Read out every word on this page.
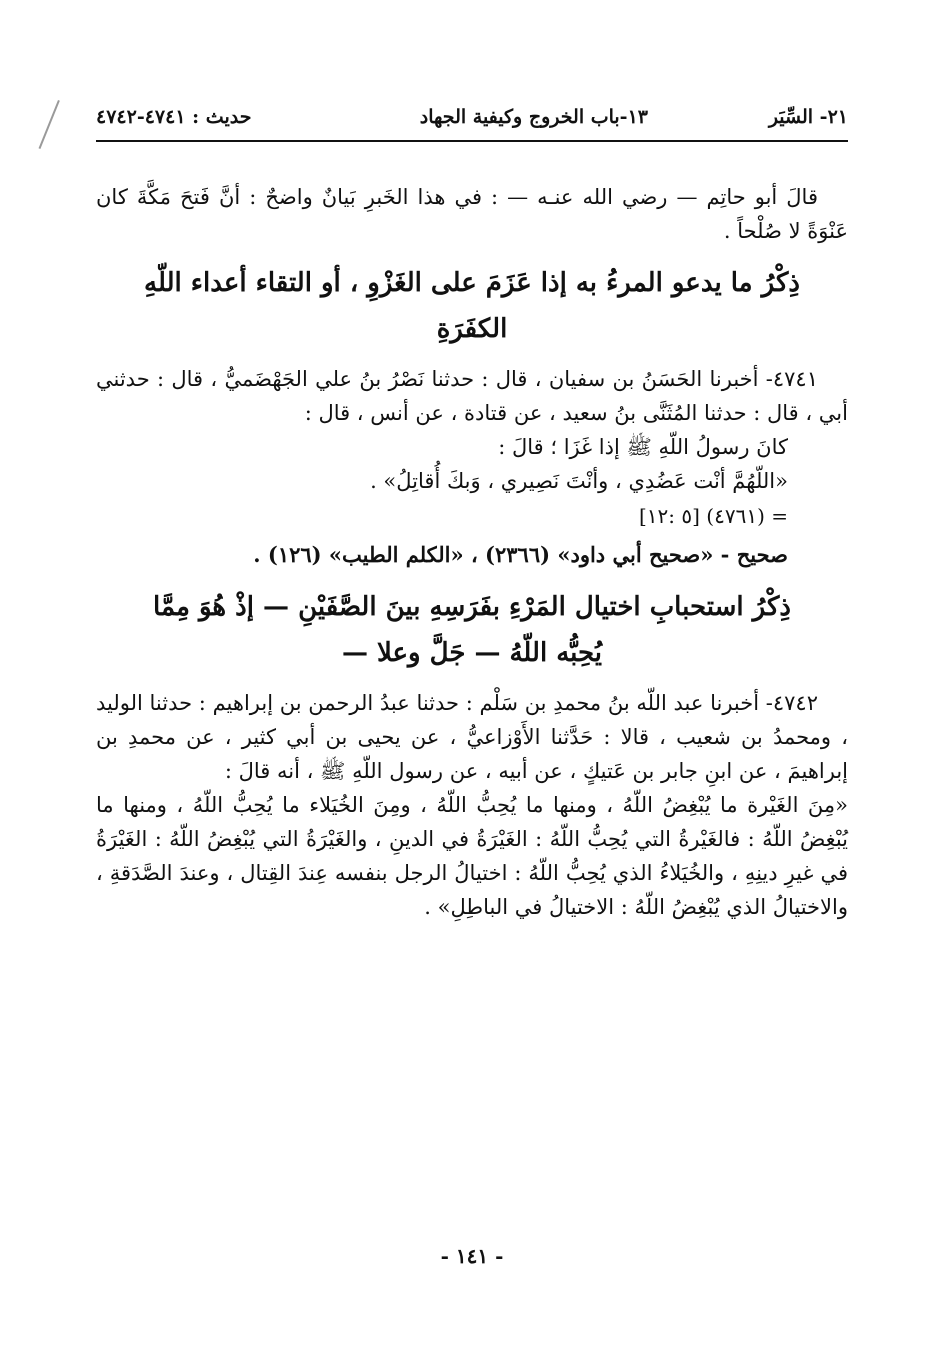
٢١- السِّيَر
١٣-باب الخروج وكيفية الجهاد
حديث : ٤٧٤١-٤٧٤٢

قالَ أبو حاتِم — رضي الله عنـه — : في هذا الخَبرِ بَيانٌ واضحٌ : أنَّ فَتحَ مَكَّةَ كان عَنْوَةً لا صُلْحاً .

ذِكْرُ ما يدعو المرءُ به إذا عَزَمَ على الغَزْوِ ، أو التقاء أعداء اللّهِ الكفَرَةِ

٤٧٤١- أخبرنا الحَسَنُ بن سفيان ، قال : حدثنا نَصْرُ بنُ علي الجَهْضَميُّ ، قال : حدثني أبي ، قال : حدثنا المُثَنَّى بنُ سعيد ، عن قتادة ، عن أنس ، قال :

كانَ رسولُ اللّهِ ﷺ إذا غَزَا ؛ قالَ :

«اللّهُمَّ أنْت عَضُدِي ، وأنْتَ نَصِيري ، وَبكَ أُقاتِلُ» .

= (٤٧٦١) [٥ :١٢]

صحيح - «صحيح أبي داود» (٢٣٦٦) ، «الكلم الطيب» (١٢٦) .

ذِكْرُ استحبابِ اختيال المَرْءِ بفَرَسِهِ بينَ الصَّفَيْنِ — إذْ هُوَ مِمَّا يُحِبُّه اللّهُ — جَلَّ وعلا —

٤٧٤٢- أخبرنا عبد اللّه بنُ محمدِ بن سَلْم : حدثنا عبدُ الرحمن بن إبراهيم : حدثنا الوليد ، ومحمدُ بن شعيب ، قالا : حَدَّثنا الأَوْزاعيُّ ، عن يحيى بن أبي كثير ، عن محمدِ بن إبراهيمَ ، عن ابنِ جابر بن عَتيكٍ ، عن أبيه ، عن رسول اللّهِ ﷺ ، أنه قالَ :

«مِنَ الغَيْرة ما يُبْغِضُ اللّهُ ، ومنها ما يُحِبُّ اللّهُ ، ومِنَ الخُيَلاء ما يُحِبُّ اللّهُ ، ومنها ما يُبْغِضُ اللّهُ : فالغَيْرةُ التي يُحِبُّ اللّهُ : الغَيْرَةُ في الدينِ ، والغَيْرَةُ التي يُبْغِضُ اللّهُ : الغَيْرَةُ في غيرِ دينِهِ ، والخُيَلاءُ الذي يُحِبُّ اللّهُ : اختيالُ الرجل بنفسه عِندَ القِتال ، وعندَ الصَّدَقةِ ، والاختيالُ الذي يُبْغِضُ اللّهُ : الاختيالُ في الباطِلِ» .

- ١٤١ -
